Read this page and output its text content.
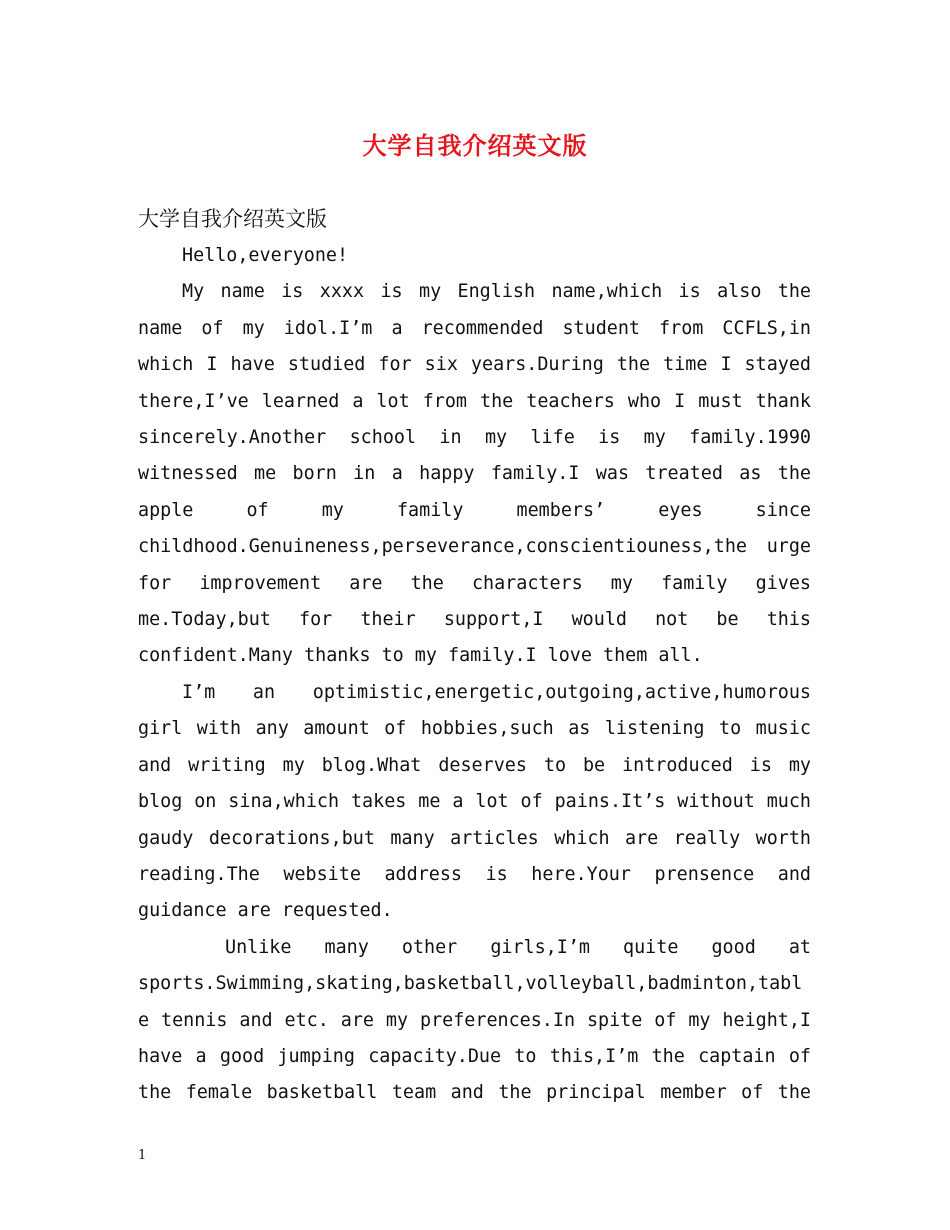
大学自我介绍英文版

大学自我介绍英文版

Hello,everyone!

My name is xxxx is my English name,which is also the name of my idol.I’m a recommended student from CCFLS,in which I have studied for six years.During the time I stayed there,I’ve learned a lot from the teachers who I must thank sincerely.Another school in my life is my family.1990 witnessed me born in a happy family.I was treated as the apple of my family members’ eyes since childhood.Genuineness,perseverance,conscientiouness,the urge for improvement are the characters my family gives me.Today,but for their support,I would not be this confident.Many thanks to my family.I love them all.

I’m an optimistic,energetic,outgoing,active,humorous girl with any amount of hobbies,such as listening to music and writing my blog.What deserves to be introduced is my blog on sina,which takes me a lot of pains.It’s without much gaudy decorations,but many articles which are really worth reading.The website address is here.Your prensence and guidance are requested.

Unlike many other girls,I’m quite good at sports.Swimming,skating,basketball,volleyball,badminton,table tennis and etc. are my preferences.In spite of my height,I have a good jumping capacity.Due to this,I’m the captain of the female basketball team and the principal member of the

1
